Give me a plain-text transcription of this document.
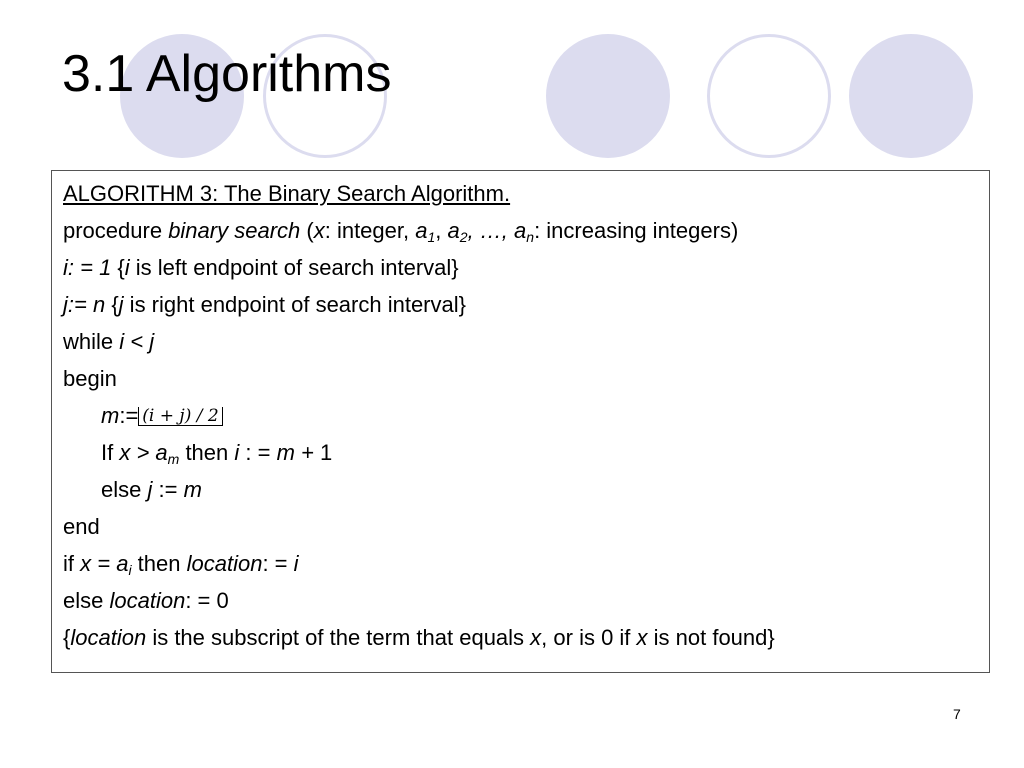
3.1 Algorithms
ALGORITHM 3: The Binary Search Algorithm.
procedure binary search (x: integer, $a_1$, $a_2$, …, $a_n$: increasing integers)
i: = 1 {i is left endpoint of search interval}
j:= n {j is right endpoint of search interval}
while i < j
begin
m:= (i + j) / 2
If $x > a_m$ then i : = m + 1
else j := m
end
if $x = a_i$ then location: = i
else location: = 0
{location is the subscript of the term that equals x, or is 0 if x is not found}
7
